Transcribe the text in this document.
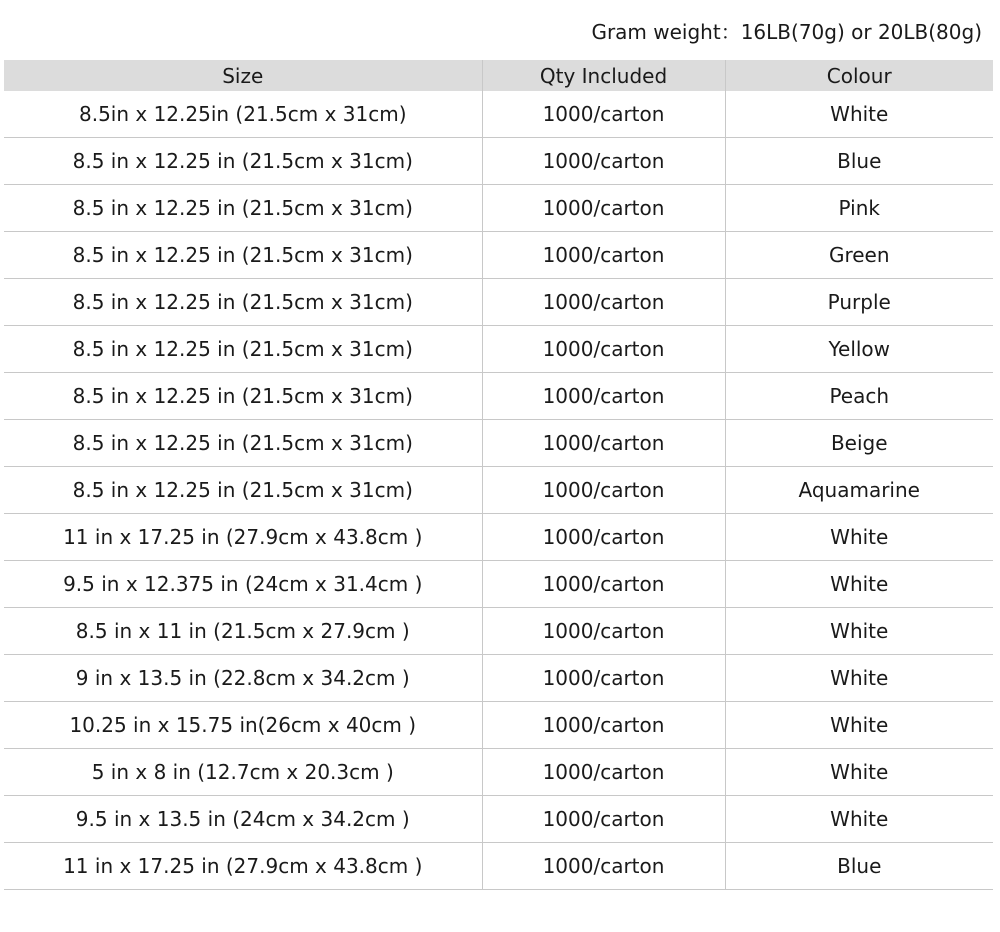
Gram weight：16LB(70g) or 20LB(80g)
Size	Qty Included	Colour
8.5in x 12.25in (21.5cm x 31cm)	1000/carton	White
8.5 in x 12.25 in (21.5cm x 31cm)	1000/carton	Blue
8.5 in x 12.25 in (21.5cm x 31cm)	1000/carton	Pink
8.5 in x 12.25 in (21.5cm x 31cm)	1000/carton	Green
8.5 in x 12.25 in (21.5cm x 31cm)	1000/carton	Purple
8.5 in x 12.25 in (21.5cm x 31cm)	1000/carton	Yellow
8.5 in x 12.25 in (21.5cm x 31cm)	1000/carton	Peach
8.5 in x 12.25 in (21.5cm x 31cm)	1000/carton	Beige
8.5 in x 12.25 in (21.5cm x 31cm)	1000/carton	Aquamarine
11 in x 17.25 in (27.9cm x 43.8cm )	1000/carton	White
9.5 in x 12.375 in (24cm x 31.4cm )	1000/carton	White
8.5 in x 11 in (21.5cm x 27.9cm )	1000/carton	White
9 in x 13.5 in (22.8cm x 34.2cm )	1000/carton	White
10.25 in x 15.75 in(26cm x 40cm )	1000/carton	White
5 in x 8 in (12.7cm x 20.3cm )	1000/carton	White
9.5 in x 13.5 in (24cm x 34.2cm )	1000/carton	White
11 in x 17.25 in (27.9cm x 43.8cm )	1000/carton	Blue
